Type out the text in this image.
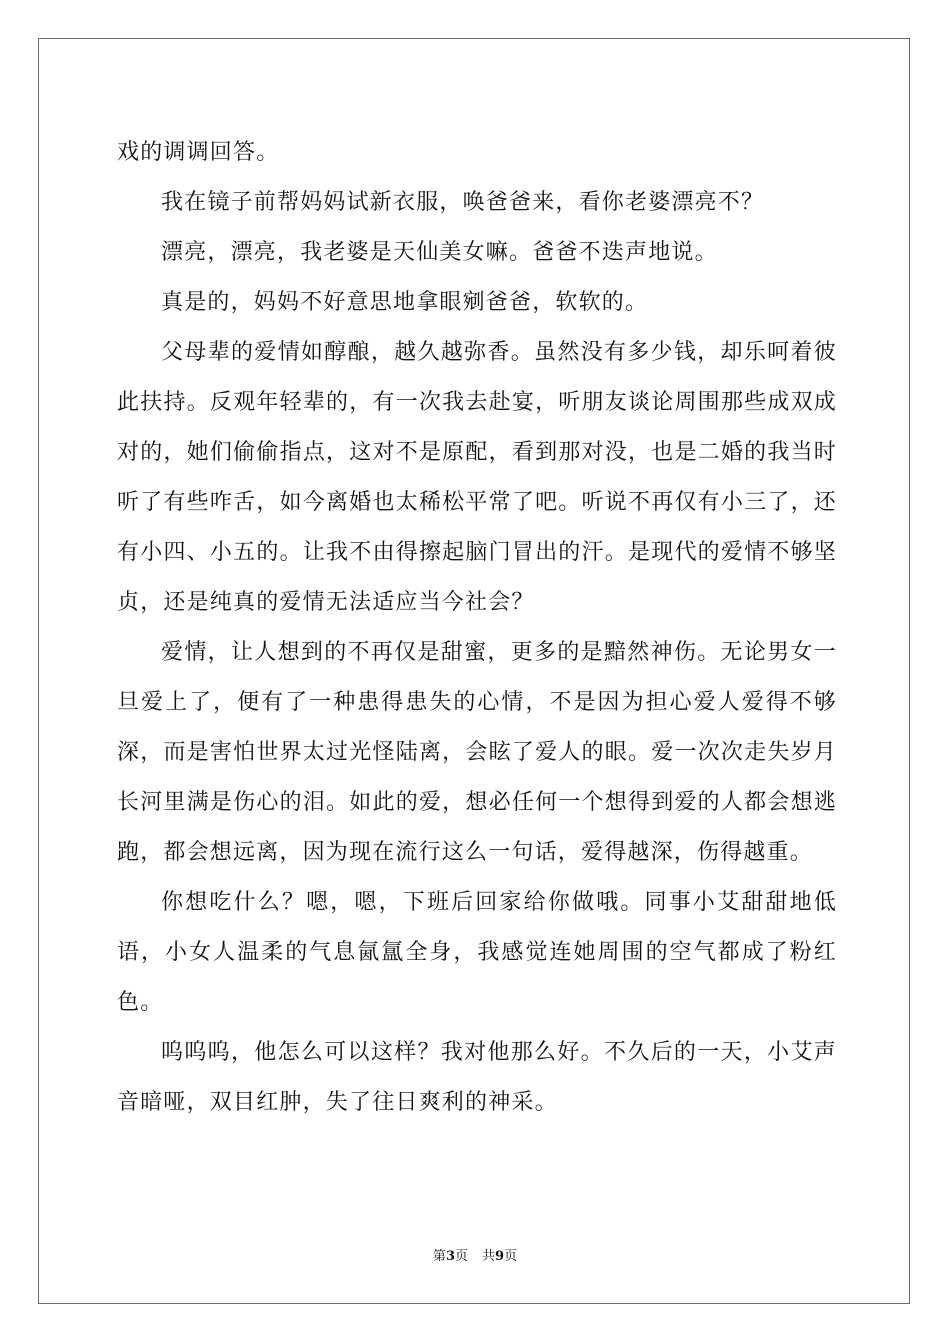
戏的调调回答。

我在镜子前帮妈妈试新衣服，唤爸爸来，看你老婆漂亮不？

漂亮，漂亮，我老婆是天仙美女嘛。爸爸不迭声地说。

真是的，妈妈不好意思地拿眼剜爸爸，软软的。

父母辈的爱情如醇酿，越久越弥香。虽然没有多少钱，却乐呵着彼此扶持。反观年轻辈的，有一次我去赴宴，听朋友谈论周围那些成双成对的，她们偷偷指点，这对不是原配，看到那对没，也是二婚的我当时听了有些咋舌，如今离婚也太稀松平常了吧。听说不再仅有小三了，还有小四、小五的。让我不由得擦起脑门冒出的汗。是现代的爱情不够坚贞，还是纯真的爱情无法适应当今社会？

爱情，让人想到的不再仅是甜蜜，更多的是黯然神伤。无论男女一旦爱上了，便有了一种患得患失的心情，不是因为担心爱人爱得不够深，而是害怕世界太过光怪陆离，会眩了爱人的眼。爱一次次走失岁月长河里满是伤心的泪。如此的爱，想必任何一个想得到爱的人都会想逃跑，都会想远离，因为现在流行这么一句话，爱得越深，伤得越重。

你想吃什么？嗯，嗯，下班后回家给你做哦。同事小艾甜甜地低语，小女人温柔的气息氤氲全身，我感觉连她周围的空气都成了粉红色。

呜呜呜，他怎么可以这样？我对他那么好。不久后的一天，小艾声音暗哑，双目红肿，失了往日爽利的神采。

第3页 共9页
